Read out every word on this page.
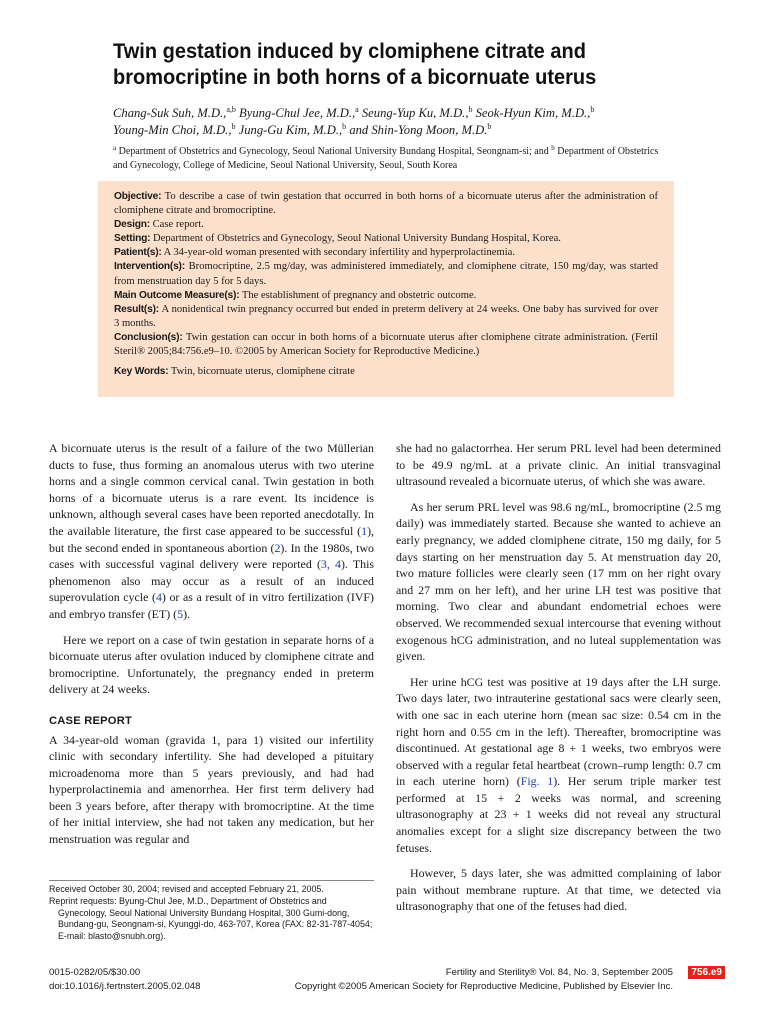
Twin gestation induced by clomiphene citrate and
bromocriptine in both horns of a bicornuate uterus

Chang-Suk Suh, M.D.,$^{a,b}$ Byung-Chul Jee, M.D.,$^a$ Seung-Yup Ku, M.D.,$^b$ Seok-Hyun Kim, M.D.,$^b$
Young-Min Choi, M.D.,$^b$ Jung-Gu Kim, M.D.,$^b$ and Shin-Yong Moon, M.D.$^b$

$^a$ Department of Obstetrics and Gynecology, Seoul National University Bundang Hospital, Seongnam-si; and $^b$ Department of Obstetrics and Gynecology, College of Medicine, Seoul National University, Seoul, South Korea

Objective: To describe a case of twin gestation that occurred in both horns of a bicornuate uterus after the administration of clomiphene citrate and bromocriptine.

Design: Case report.

Setting: Department of Obstetrics and Gynecology, Seoul National University Bundang Hospital, Korea.

Patient(s): A 34-year-old woman presented with secondary infertility and hyperprolactinemia.

Intervention(s): Bromocriptine, 2.5 mg/day, was administered immediately, and clomiphene citrate, 150 mg/day, was started from menstruation day 5 for 5 days.

Main Outcome Measure(s): The establishment of pregnancy and obstetric outcome.

Result(s): A nonidentical twin pregnancy occurred but ended in preterm delivery at 24 weeks. One baby has survived for over 3 months.

Conclusion(s): Twin gestation can occur in both horns of a bicornuate uterus after clomiphene citrate administration. (Fertil Steril® 2005;84:756.e9–10. ©2005 by American Society for Reproductive Medicine.)

Key Words: Twin, bicornuate uterus, clomiphene citrate

A bicornuate uterus is the result of a failure of the two Müllerian ducts to fuse, thus forming an anomalous uterus with two uterine horns and a single common cervical canal. Twin gestation in both horns of a bicornuate uterus is a rare event. Its incidence is unknown, although several cases have been reported anecdotally. In the available literature, the first case appeared to be successful (1), but the second ended in spontaneous abortion (2). In the 1980s, two cases with successful vaginal delivery were reported (3, 4). This phenomenon also may occur as a result of an induced superovulation cycle (4) or as a result of in vitro fertilization (IVF) and embryo transfer (ET) (5).

Here we report on a case of twin gestation in separate horns of a bicornuate uterus after ovulation induced by clomiphene citrate and bromocriptine. Unfortunately, the pregnancy ended in preterm delivery at 24 weeks.

CASE REPORT

A 34-year-old woman (gravida 1, para 1) visited our infertility clinic with secondary infertility. She had developed a pituitary microadenoma more than 5 years previously, and had had hyperprolactinemia and amenorrhea. Her first term delivery had been 3 years before, after therapy with bromocriptine. At the time of her initial interview, she had not taken any medication, but her menstruation was regular and

she had no galactorrhea. Her serum PRL level had been determined to be 49.9 ng/mL at a private clinic. An initial transvaginal ultrasound revealed a bicornuate uterus, of which she was aware.

As her serum PRL level was 98.6 ng/mL, bromocriptine (2.5 mg daily) was immediately started. Because she wanted to achieve an early pregnancy, we added clomiphene citrate, 150 mg daily, for 5 days starting on her menstruation day 5. At menstruation day 20, two mature follicles were clearly seen (17 mm on her right ovary and 27 mm on her left), and her urine LH test was positive that morning. Two clear and abundant endometrial echoes were observed. We recommended sexual intercourse that evening without exogenous hCG administration, and no luteal supplementation was given.

Her urine hCG test was positive at 19 days after the LH surge. Two days later, two intrauterine gestational sacs were clearly seen, with one sac in each uterine horn (mean sac size: 0.54 cm in the right horn and 0.55 cm in the left). Thereafter, bromocriptine was discontinued. At gestational age 8 + 1 weeks, two embryos were observed with a regular fetal heartbeat (crown–rump length: 0.7 cm in each uterine horn) (Fig. 1). Her serum triple marker test performed at 15 + 2 weeks was normal, and screening ultrasonography at 23 + 1 weeks did not reveal any structural anomalies except for a slight size discrepancy between the two fetuses.

However, 5 days later, she was admitted complaining of labor pain without membrane rupture. At that time, we detected via ultrasonography that one of the fetuses had died.

Received October 30, 2004; revised and accepted February 21, 2005.

Reprint requests: Byung-Chul Jee, M.D., Department of Obstetrics and Gynecology, Seoul National University Bundang Hospital, 300 Gumi-dong, Bundang-gu, Seongnam-si, Kyunggi-do, 463-707, Korea (FAX: 82-31-787-4054; E-mail: blasto@snubh.org).

0015-0282/05/$30.00	Fertility and Sterility® Vol. 84, No. 3, September 2005	756.e9
doi:10.1016/j.fertnstert.2005.02.048	Copyright ©2005 American Society for Reproductive Medicine, Published by Elsevier Inc.
